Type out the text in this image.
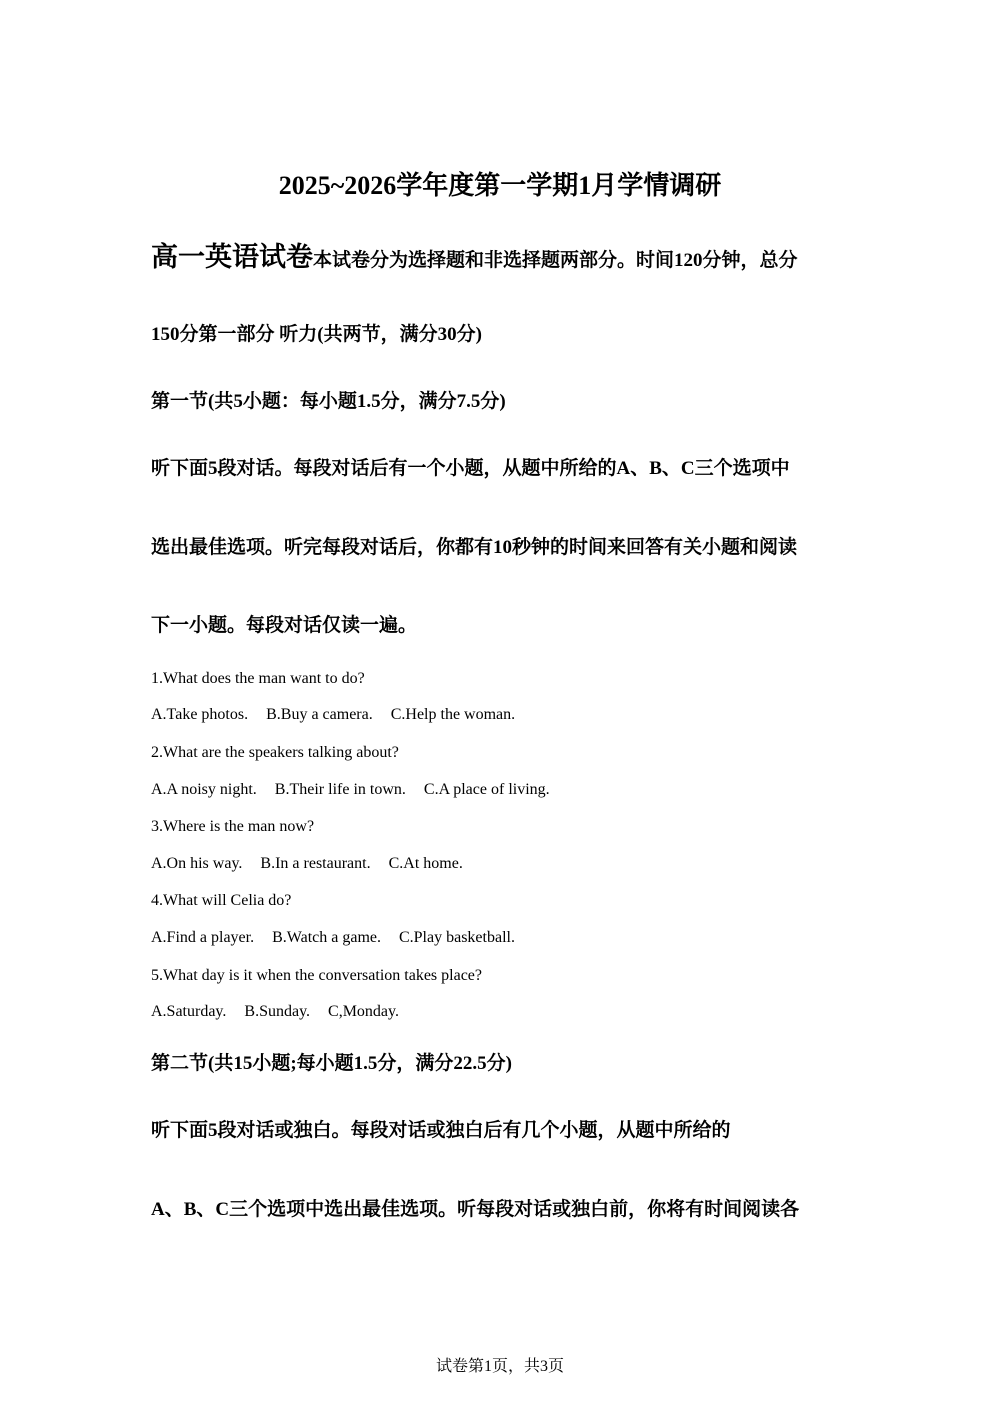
2025~2026学年度第一学期1月学情调研
高一英语试卷本试卷分为选择题和非选择题两部分。时间120分钟，总分
150分第一部分 听力(共两节，满分30分)
第一节(共5小题：每小题1.5分，满分7.5分)
听下面5段对话。每段对话后有一个小题，从题中所给的A、B、C三个选项中
选出最佳选项。听完每段对话后，你都有10秒钟的时间来回答有关小题和阅读
下一小题。每段对话仅读一遍。
1.What does the man want to do?
A.Take photos. B.Buy a camera. C.Help the woman.
2.What are the speakers talking about?
A.A noisy night. B.Their life in town. C.A place of living.
3.Where is the man now?
A.On his way. B.In a restaurant. C.At home.
4.What will Celia do?
A.Find a player. B.Watch a game. C.Play basketball.
5.What day is it when the conversation takes place?
A.Saturday. B.Sunday. C,Monday.
第二节(共15小题;每小题1.5分，满分22.5分)
听下面5段对话或独白。每段对话或独白后有几个小题，从题中所给的
A、B、C三个选项中选出最佳选项。听每段对话或独白前，你将有时间阅读各
试卷第1页，共3页
